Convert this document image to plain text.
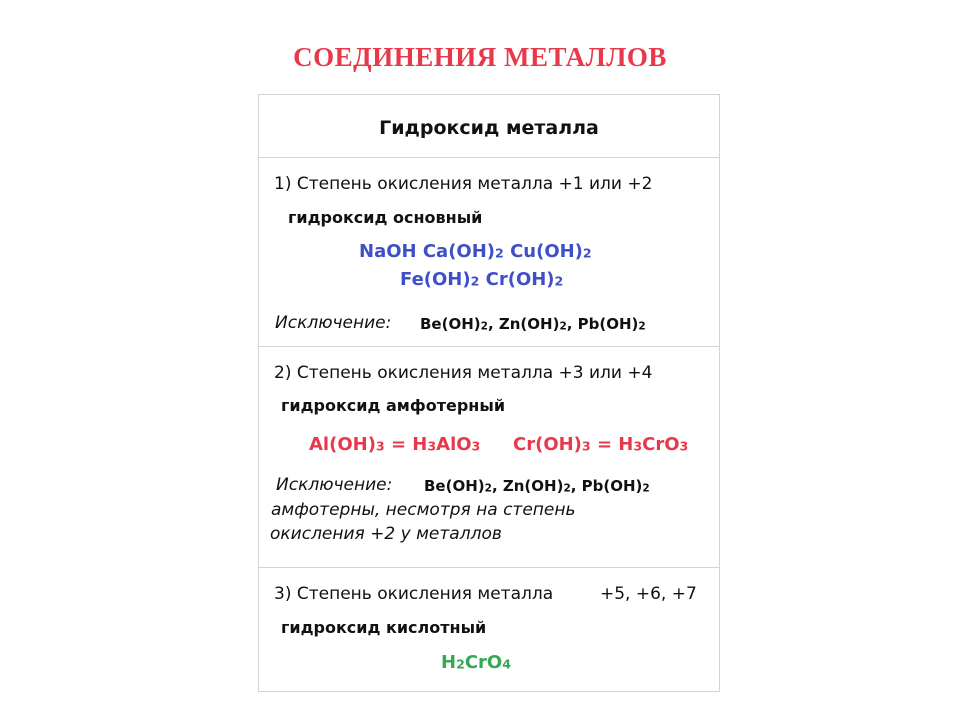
СОЕДИНЕНИЯ МЕТАЛЛОВ
Гидроксид металла
1) Степень окисления металла +1 или +2
гидроксид основный
NaOH $Ca(OH)_2$ $Cu(OH)_2$
$Fe(OH)_2$ $Cr(OH)_2$
Исключение: $Be(OH)_2$, $Zn(OH)_2$, $Pb(OH)_2$
2) Степень окисления металла +3 или +4
гидроксид амфотерный
$Al(OH)_3 = H_3AlO_3$ $Cr(OH)_3 = H_3CrO_3$
Исключение: $Be(OH)_2$, $Zn(OH)_2$, $Pb(OH)_2$
амфотерны, несмотря на степень
окисления +2 у металлов
3) Степень окисления металла	+5, +6, +7
гидроксид кислотный
$H_2CrO_4$
